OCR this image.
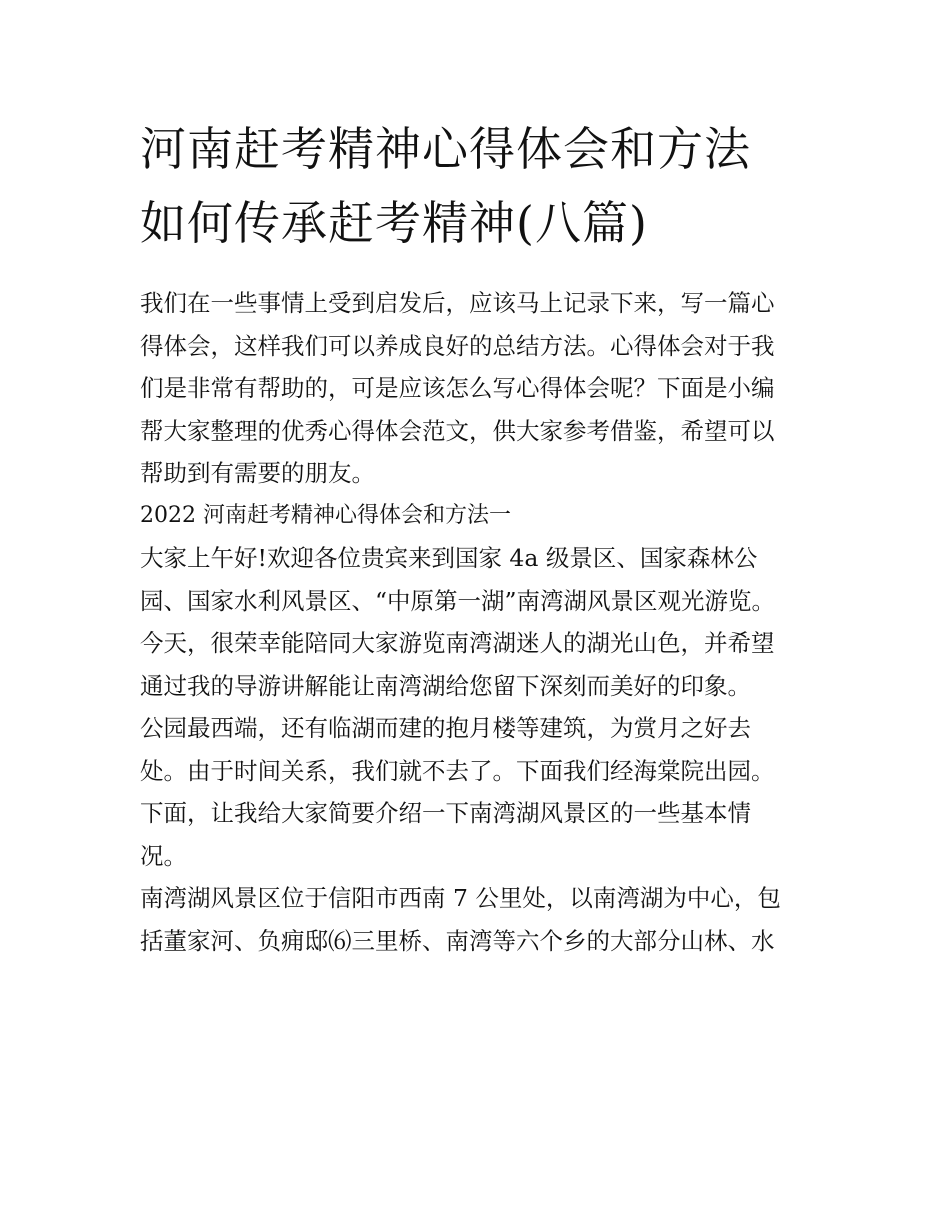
河南赶考精神心得体会和方法
如何传承赶考精神(八篇)
我们在一些事情上受到启发后，应该马上记录下来，写一篇心
得体会，这样我们可以养成良好的总结方法。心得体会对于我
们是非常有帮助的，可是应该怎么写心得体会呢？下面是小编
帮大家整理的优秀心得体会范文，供大家参考借鉴，希望可以
帮助到有需要的朋友。
2022 河南赶考精神心得体会和方法一
大家上午好!欢迎各位贵宾来到国家 4a 级景区、国家森林公
园、国家水利风景区、“中原第一湖”南湾湖风景区观光游览。
今天，很荣幸能陪同大家游览南湾湖迷人的湖光山色，并希望
通过我的导游讲解能让南湾湖给您留下深刻而美好的印象。
公园最西端，还有临湖而建的抱月楼等建筑，为赏月之好去
处。由于时间关系，我们就不去了。下面我们经海棠院出园。
下面，让我给大家简要介绍一下南湾湖风景区的一些基本情
况。
南湾湖风景区位于信阳市西南 7 公里处，以南湾湖为中心，包
括董家河、负痈邸⑹三里桥、南湾等六个乡的大部分山林、水
